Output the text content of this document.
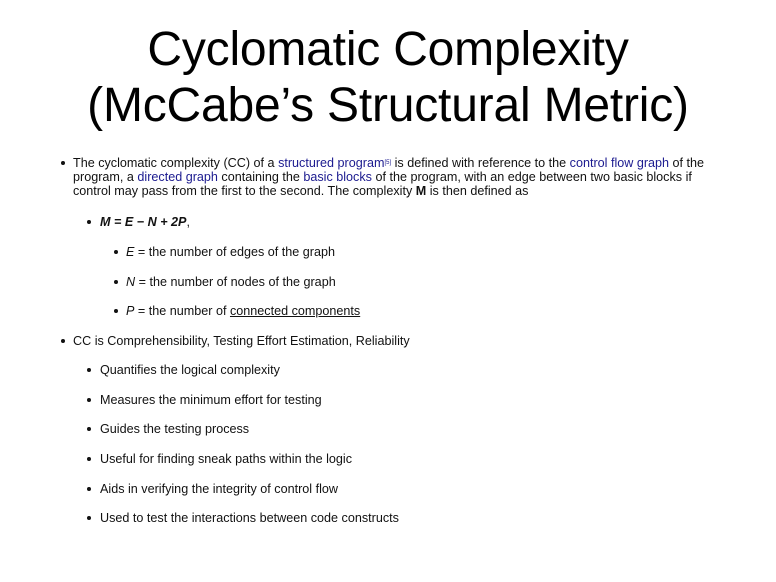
Cyclomatic Complexity
(McCabe’s Structural Metric)
The cyclomatic complexity (CC) of a structured program[5] is defined with reference to the control flow graph of the program, a directed graph containing the basic blocks of the program, with an edge between two basic blocks if control may pass from the first to the second. The complexity M is then defined as
M = E − N + 2P,
E = the number of edges of the graph
N = the number of nodes of the graph
P = the number of connected components
CC is Comprehensibility, Testing Effort Estimation, Reliability
Quantifies the logical complexity
Measures the minimum effort for testing
Guides the testing process
Useful for finding sneak paths within the logic
Aids in verifying the integrity of control flow
Used to test the interactions between code constructs
